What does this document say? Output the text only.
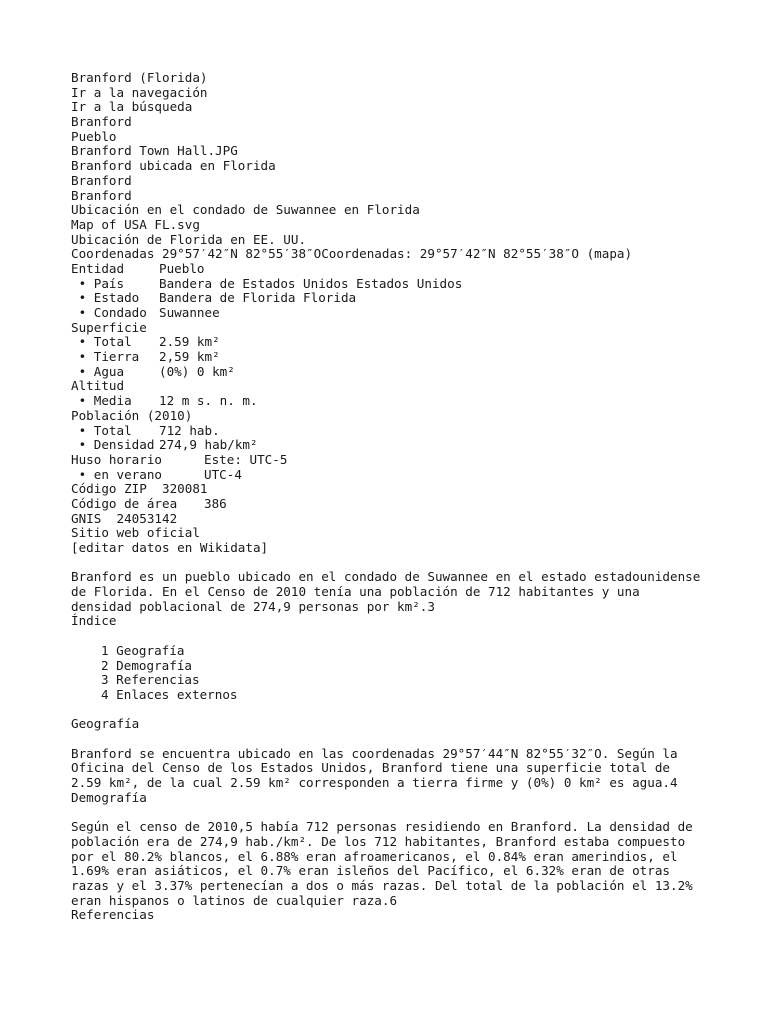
Branford (Florida)
Ir a la navegación
Ir a la búsqueda
Branford
Pueblo
Branford Town Hall.JPG
Branford ubicada en Florida
Branford
Branford
Ubicación en el condado de Suwannee en Florida
Map of USA FL.svg
Ubicación de Florida en EE. UU.
Coordenadas 29°57′42″N 82°55′38″OCoordenadas: 29°57′42″N 82°55′38″O (mapa)
Entidad	Pueblo
• País	Bandera de Estados Unidos Estados Unidos
• Estado	Bandera de Florida Florida
• Condado Suwannee
Superficie
• Total	2.59 km²
• Tierra	2,59 km²
• Agua	(0%) 0 km²
Altitud
• Media	12 m s. n. m.
Población (2010)
• Total	712 hab.
• Densidad 274,9 hab/km²
Huso horario	Este: UTC-5
• en verano	UTC-4
Código ZIP  320081
Código de área	386
GNIS  24053142
Sitio web oficial
[editar datos en Wikidata]
Branford es un pueblo ubicado en el condado de Suwannee en el estado estadounidense
de Florida. En el Censo de 2010 tenía una población de 712 habitantes y una
densidad poblacional de 274,9 personas por km².3
Índice
1 Geografía
2 Demografía
3 Referencias
4 Enlaces externos
Geografía
Branford se encuentra ubicado en las coordenadas 29°57′44″N 82°55′32″O. Según la
Oficina del Censo de los Estados Unidos, Branford tiene una superficie total de
2.59 km², de la cual 2.59 km² corresponden a tierra firme y (0%) 0 km² es agua.4
Demografía
Según el censo de 2010,5 había 712 personas residiendo en Branford. La densidad de
población era de 274,9 hab./km². De los 712 habitantes, Branford estaba compuesto
por el 80.2% blancos, el 6.88% eran afroamericanos, el 0.84% eran amerindios, el
1.69% eran asiáticos, el 0.7% eran isleños del Pacífico, el 6.32% eran de otras
razas y el 3.37% pertenecían a dos o más razas. Del total de la población el 13.2%
eran hispanos o latinos de cualquier raza.6
Referencias
